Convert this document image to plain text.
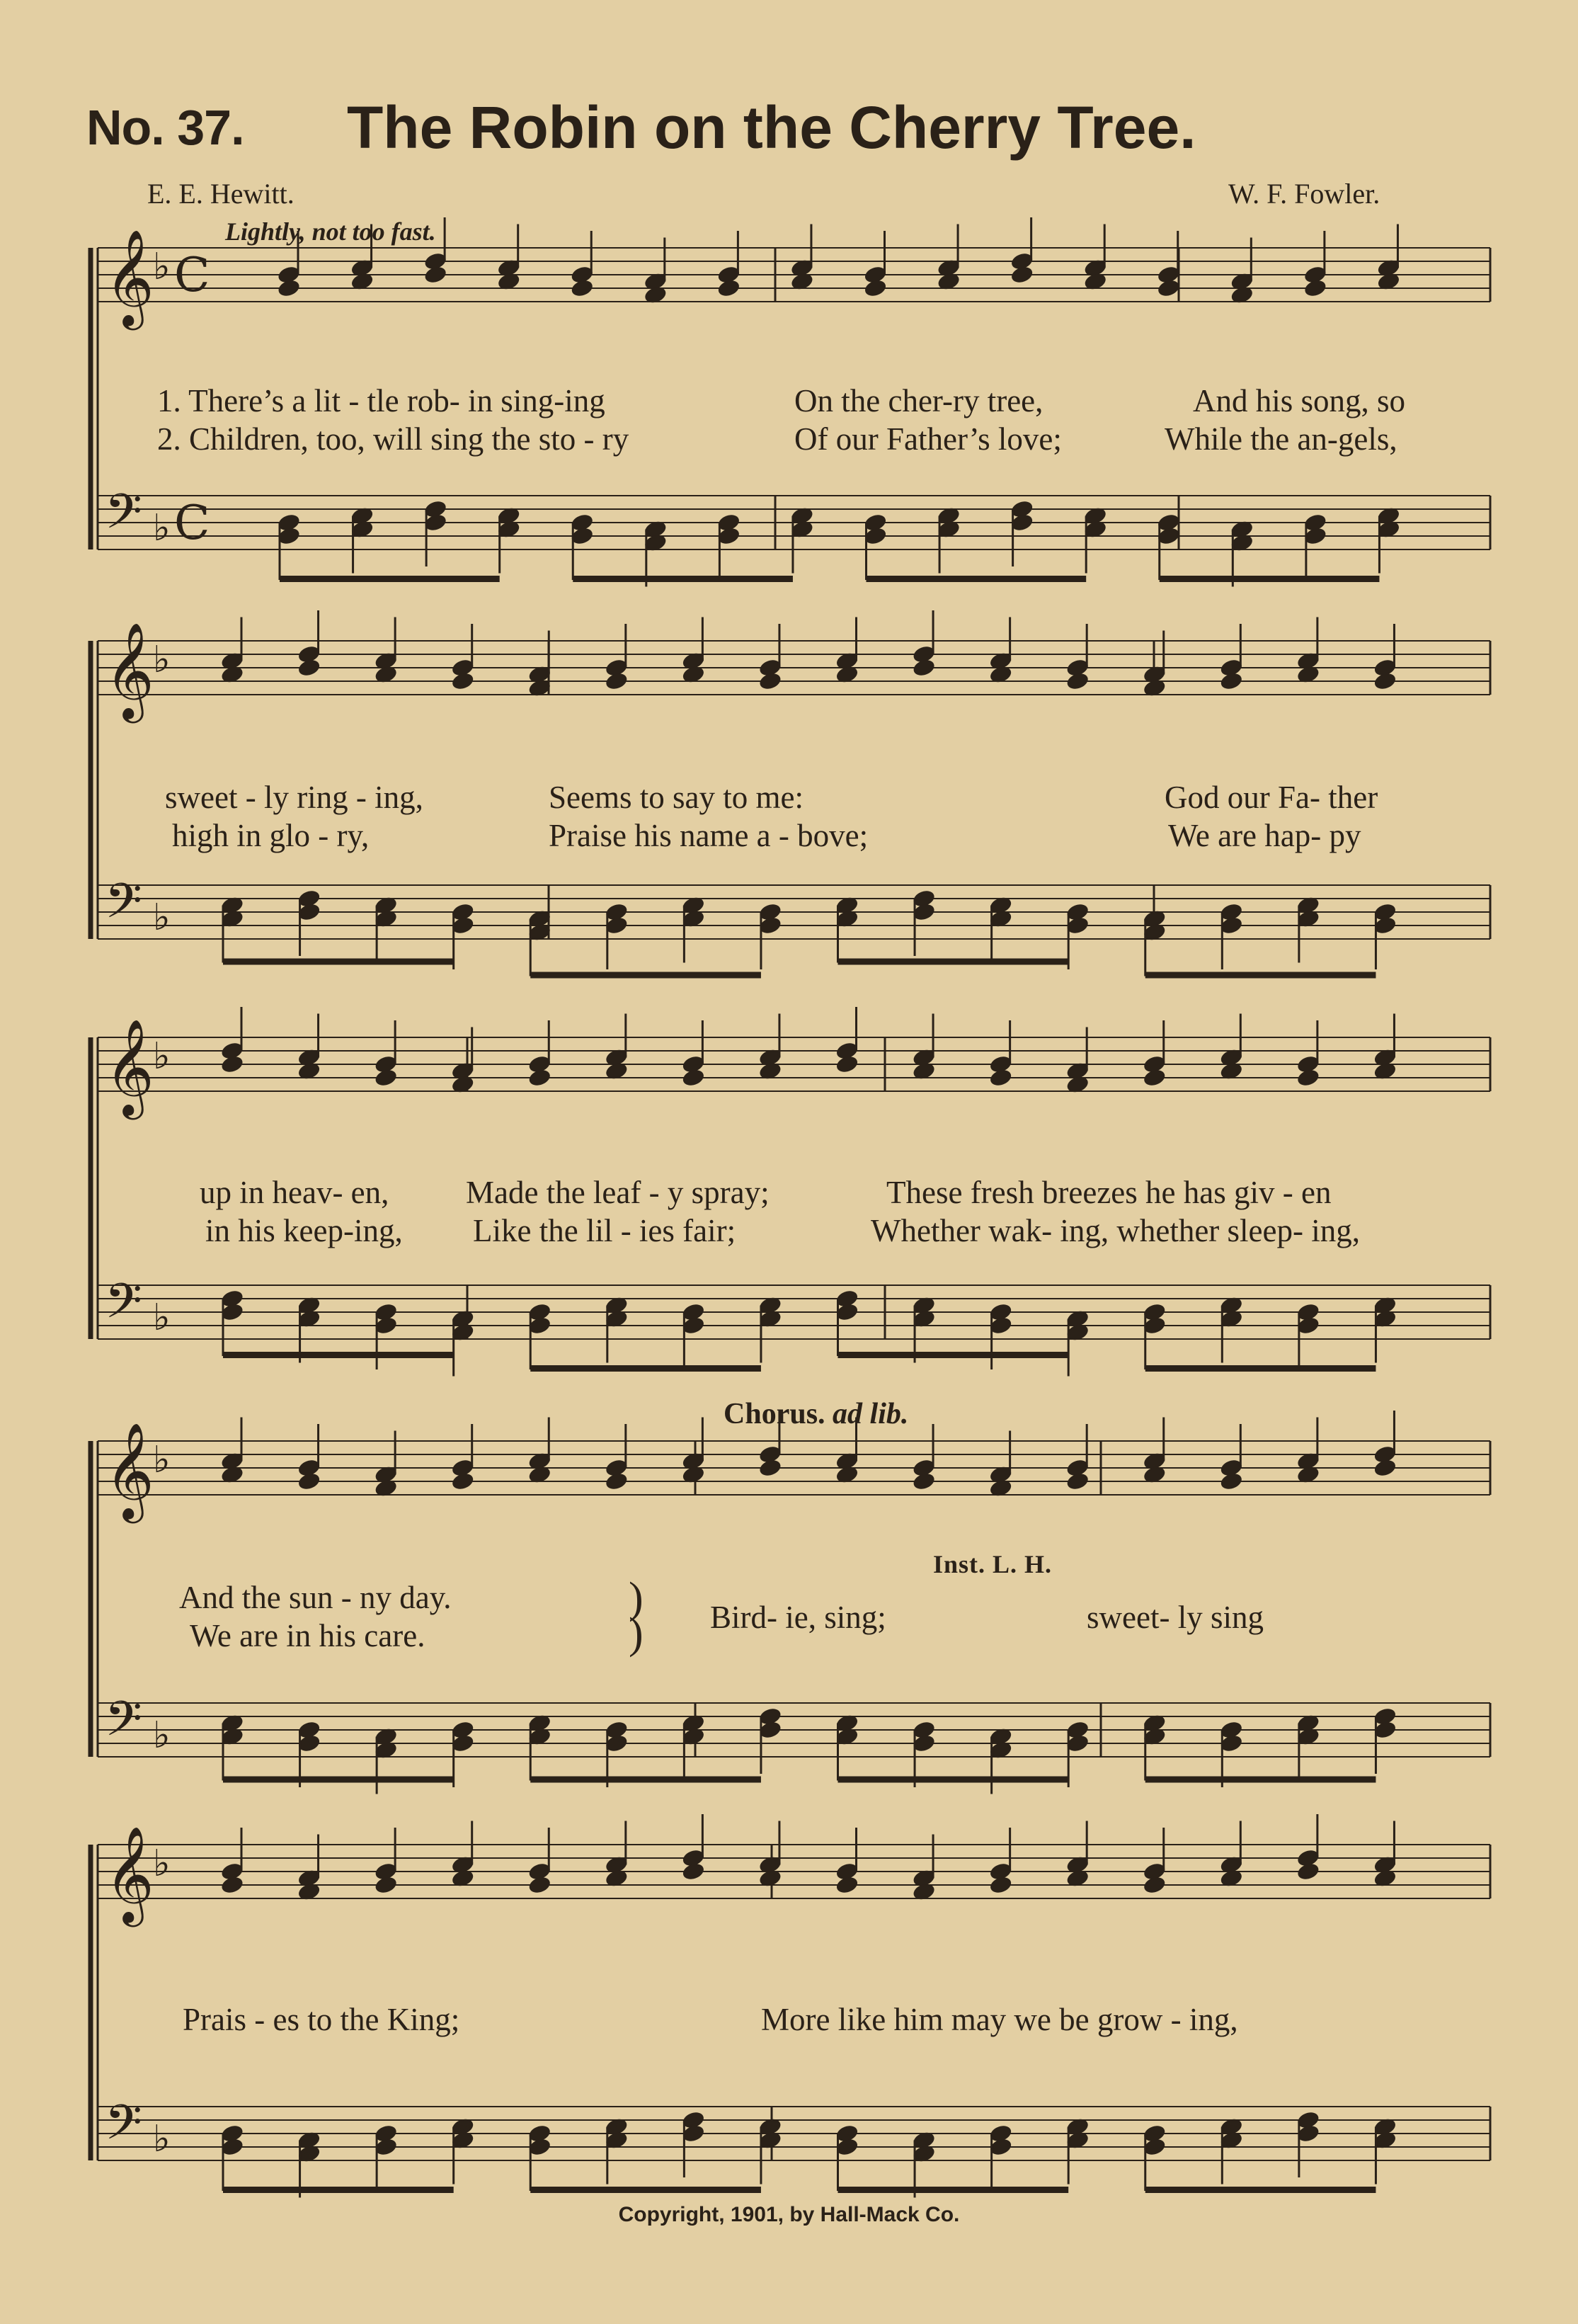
𝄞
♭ C
𝄢 ♭ C
𝄞
♭
𝄢 ♭
𝄞
♭
𝄢 ♭
𝄞
♭
𝄢 ♭
𝄞
♭
𝄢 ♭
No. 37. The Robin on the Cherry Tree.
E. E. Hewitt.	W. F. Fowler.
Lightly, not too fast.
1. There’s a lit - tle rob- in sing-ing	On the cher-ry tree,	And his song, so
2. Children, too, will sing the sto - ry	Of our Father’s love;	While the an-gels,
sweet - ly ring - ing,	Seems to say to me:	God our Fa- ther
high in glo - ry,	Praise his name a - bove;	We are hap- py
up in heav- en, Made the leaf - y spray;	These fresh breezes he has giv - en
in his keep-ing, Like the lil - ies fair;	Whether wak- ing, whether sleep- ing,
Chorus. ad lib.
Inst. L. H.
And the sun - ny day.
We are in his care.
)
) Bird- ie, sing;	sweet- ly sing
Prais - es to the King;	More like him may we be grow - ing,
Copyright, 1901, by Hall-Mack Co.
